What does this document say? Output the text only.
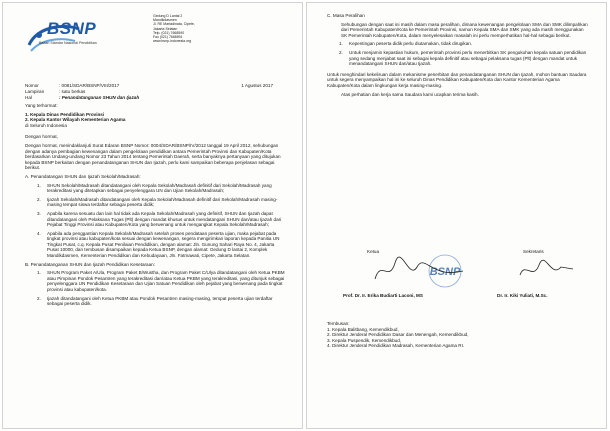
BSNP
Badan Standar Nasional Pendidikan
Gedung D Lantai 2
Mandikdasmen
Jl. RE Martadinata, Cipete,
Jakarta Selatan
Telp. (021) 7668590
Fax (021) 7668591
www.bsnp-indonesia.org
Nomor	: 0081/SDAR/BSNP/VIII/2017	1 Agustus 2017
Lampiran	: satu berkas
Hal	: Penandatanganan SHUN dan Ijazah
Yang terhormat:
1. Kepala Dinas Pendidikan Provinsi
2. Kepala Kantor Wilayah Kementerian Agama
di Seluruh Indonesia
Dengan hormat,
Dengan hormat, menindaklanjuti Surat Edaran BSNP Nomor: 0004/SDAR/BSNP/IV/2012 tanggal 19 April 2012, sehubungan dengan adanya pembagian kewenangan dalam pengelolaan pendidikan antara Pemerintah Provinsi dan Kabupaten/Kota berdasarkan Undang-undang Nomor 23 Tahun 2014 tentang Pemerintah Daerah, serta banyaknya pertanyaan yang ditujukan kepada BSNP berkaitan dengan penandatanganan SHUN dan Ijazah, perlu kami sampaikan beberapa penjelasan sebagai berikut.
A. Penandatangan SHUN dan Ijazah Sekolah/Madrasah:
1. SHUN Sekolah/Madrasah ditandatangani oleh Kepala Sekolah/Madrasah definitif dari Sekolah/Madrasah yang terakreditasi yang ditetapkan sebagai penyelenggara UN dan Ujian Sekolah/Madrasah;
2. Ijazah Sekolah/Madrasah ditandatangani oleh Kepala Sekolah/Madrasah definitif dari Sekolah/Madrasah masing-masing tempat siswa terdaftar sebagai peserta didik;
3. Apabila karena sesuatu dan lain hal tidak ada Kepala Sekolah/Madrasah yang definitif, SHUN dan Ijazah dapat ditandatangani oleh Pelaksana Tugas (Plt) dengan mandat khusus untuk mendatangani SHUN dan/atau Ijazah dari Pejabat Tinggi Provinsi atau Kabupaten/Kota yang berwenang untuk mengangkat Kepala Sekolah/Madrasah;
4. Apabila ada penggantian Kepala Sekolah/Madrasah setelah proses pendataan peserta ujian, maka pejabat pada tingkat provinsi atau kabupaten/kota sesuai dengan kewenangan, segera mengirimkan laporan kepada Panitia UN Tingkat Pusat, c.q. Kepala Pusat Penilaian Pendidikan, dengan alamat: Jln. Gunung Sahari Raya No. 4, Jakarta Pusat 10000, dan tembusan disampaikan kepada Ketua BSNP, dengan alamat: Gedung D lantai 2, Komplek Mandikdasmen, Kementerian Pendidikan dan Kebudayaan, Jln. Fatmawati, Cipete, Jakarta Selatan.
B. Penandatanganan SHUN dan Ijazah Pendidikan Kesetaraan:
1. SHUN Program Paket A/Ula, Program Paket B/Wustha, dan Program Paket C/Ulya ditandatangani oleh Ketua PKBM atau Pimpinan Pondok Pesantren yang terakreditasi dan/atau Ketua PKBM yang terakreditasi, yang ditunjuk sebagai penyelenggara UN Pendidikan Kesetaraan dan Ujian Satuan Pendidikan oleh pejabat yang berwenang pada tingkat provinsi atau kabupaten/kota.
2. Ijazah ditandatangani oleh Ketua PKBM atau Pondok Pesantren masing-masing, tempat peserta ujian terdaftar sebagai peserta didik.
C. Masa Peralihan
Sehubungan dengan saat ini masih dalam masa peralihan, dimana kewenangan pengelolaan SMA dan SMK dilimpahkan dari Pemerintah Kabupaten/Kota ke Pemerintah Provinsi, namun Kepala SMA dan SMK yang ada masih menggunakan SK Pemerintah Kabupaten/Kota, dalam menyelesaikan masalah ini perlu memperhatikan hal-hal sebagai berikut.
1. Kepentingan peserta didik perlu diutamakan, tidak dirugikan.
2. Untuk menjamin kepastian hukum, pemerintah provinsi perlu menerbitkan SK pengukuhan kepala satuan pendidikan yang sedang menjabat saat ini sebagai kepala definitif atau sebagai pelaksana tugas (Plt) dengan mandat untuk menandatangani SHUN dan/atau Ijazah.
Untuk menghindari kekeliruan dalam mekanisme penerbitan dan penandatanganan SHUN dan Ijazah, mohon bantuan Saudara untuk segera menyampaikan hal ini ke seluruh Dinas Pendidikan Kabupaten/Kota dan Kantor Kementerian Agama Kabupaten/Kota dalam lingkungan kerja masing-masing.
Atas perhatian dan kerja sama Saudara kami ucapkan terima kasih.
Ketua	Sekretaris
BSNP
Prof. Dr. Ir. Erika Budiarti Laconi, MS	Dr. Ir. Kiki Yuliati, M.Sc.
Tembusan:
1. Kepala Balitbang, Kemendikbud,
2. Direktur Jenderal Pendidikan Dasar dan Menengah, Kemendikbud,
3. Kepala Puspendik, Kemendikbud,
4. Direktur Jenderal Pendidikan Madrasah, Kementerian Agama RI.
